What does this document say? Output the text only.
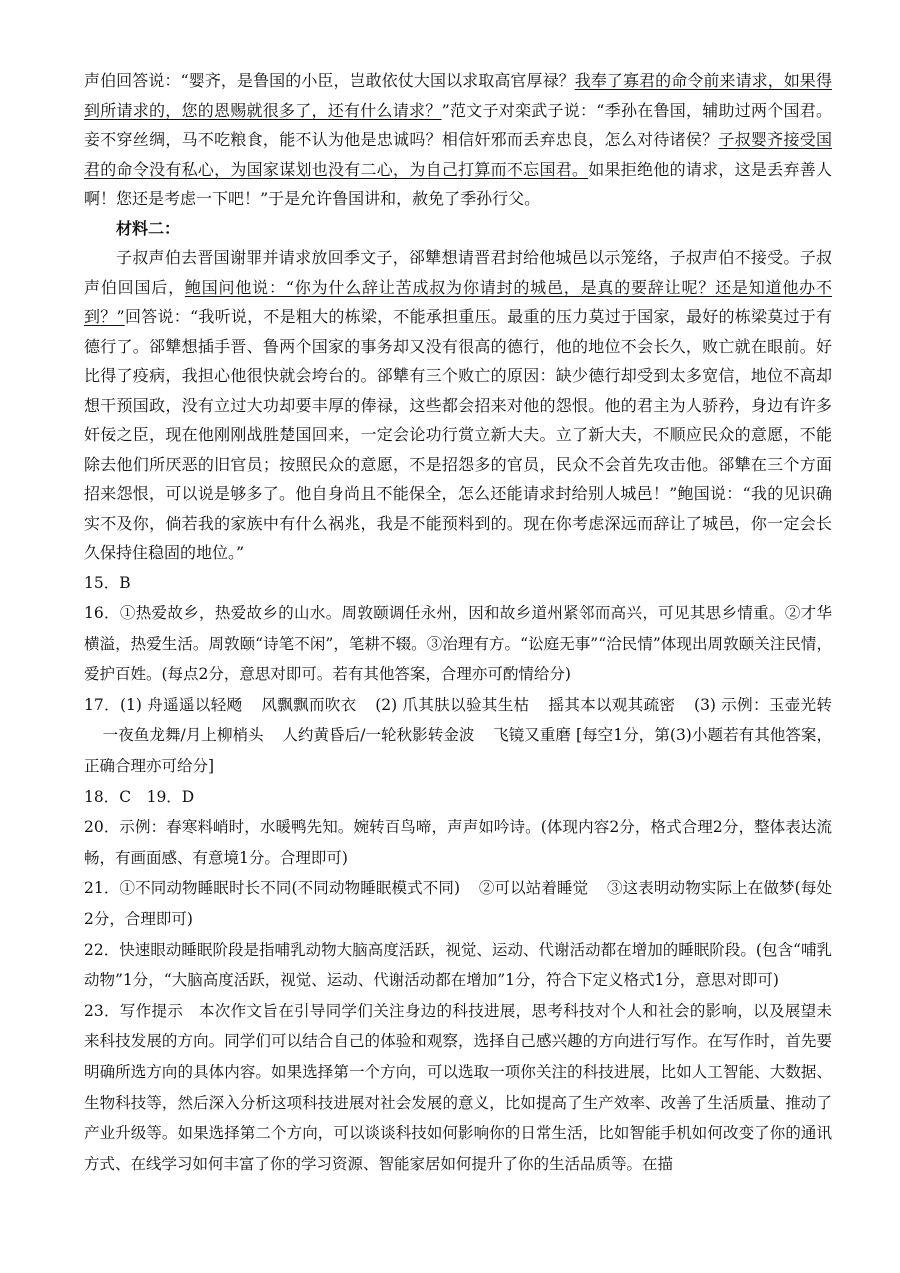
声伯回答说：“婴齐，是鲁国的小臣，岂敢依仗大国以求取高官厚禄？我奉了寡君的命令前来请求，如果得到所请求的，您的恩赐就很多了，还有什么请求？”范文子对栾武子说：“季孙在鲁国，辅助过两个国君。妾不穿丝绸，马不吃粮食，能不认为他是忠诚吗？相信奸邪而丢弃忠良，怎么对待诸侯？子叔婴齐接受国君的命令没有私心，为国家谋划也没有二心，为自己打算而不忘国君。如果拒绝他的请求，这是丢弃善人啊！您还是考虑一下吧！”于是允许鲁国讲和，赦免了季孙行父。

材料二：

子叔声伯去晋国谢罪并请求放回季文子，郤犨想请晋君封给他城邑以示笼络，子叔声伯不接受。子叔声伯回国后，鲍国问他说：“你为什么辞让苦成叔为你请封的城邑，是真的要辞让呢？还是知道他办不到？”回答说：“我听说，不是粗大的栋梁，不能承担重压。最重的压力莫过于国家，最好的栋梁莫过于有德行了。郤犨想插手晋、鲁两个国家的事务却又没有很高的德行，他的地位不会长久，败亡就在眼前。好比得了疫病，我担心他很快就会垮台的。郤犨有三个败亡的原因：缺少德行却受到太多宽信，地位不高却想干预国政，没有立过大功却要丰厚的俸禄，这些都会招来对他的怨恨。他的君主为人骄矜，身边有许多奸佞之臣，现在他刚刚战胜楚国回来，一定会论功行赏立新大夫。立了新大夫，不顺应民众的意愿，不能除去他们所厌恶的旧官员；按照民众的意愿，不是招怨多的官员，民众不会首先攻击他。郤犨在三个方面招来怨恨，可以说是够多了。他自身尚且不能保全，怎么还能请求封给别人城邑！”鲍国说：“我的见识确实不及你，倘若我的家族中有什么祸兆，我是不能预料到的。现在你考虑深远而辞让了城邑，你一定会长久保持住稳固的地位。”

15．B

16．①热爱故乡，热爱故乡的山水。周敦颐调任永州，因和故乡道州紧邻而高兴，可见其思乡情重。②才华横溢，热爱生活。周敦颐“诗笔不闲”，笔耕不辍。③治理有方。“讼庭无事”“洽民情”体现出周敦颐关注民情，爱护百姓。(每点2分，意思对即可。若有其他答案，合理亦可酌情给分)

17．(1) 舟遥遥以轻飏 风飘飘而吹衣 (2) 爪其肤以验其生枯 摇其本以观其疏密 (3) 示例：玉壶光转一夜鱼龙舞/月上柳梢头 人约黄昏后/一轮秋影转金波 飞镜又重磨 [每空1分，第(3)小题若有其他答案，正确合理亦可给分]

18．C　19．D

20．示例：春寒料峭时，水暖鸭先知。婉转百鸟啼，声声如吟诗。(体现内容2分，格式合理2分，整体表达流畅，有画面感、有意境1分。合理即可)

21．①不同动物睡眠时长不同(不同动物睡眠模式不同) ②可以站着睡觉 ③这表明动物实际上在做梦(每处2分，合理即可)

22．快速眼动睡眠阶段是指哺乳动物大脑高度活跃，视觉、运动、代谢活动都在增加的睡眠阶段。(包含“哺乳动物”1分，“大脑高度活跃，视觉、运动、代谢活动都在增加”1分，符合下定义格式1分，意思对即可)

23．写作提示　本次作文旨在引导同学们关注身边的科技进展，思考科技对个人和社会的影响，以及展望未来科技发展的方向。同学们可以结合自己的体验和观察，选择自己感兴趣的方向进行写作。在写作时，首先要明确所选方向的具体内容。如果选择第一个方向，可以选取一项你关注的科技进展，比如人工智能、大数据、生物科技等，然后深入分析这项科技进展对社会发展的意义，比如提高了生产效率、改善了生活质量、推动了产业升级等。如果选择第二个方向，可以谈谈科技如何影响你的日常生活，比如智能手机如何改变了你的通讯方式、在线学习如何丰富了你的学习资源、智能家居如何提升了你的生活品质等。在描
